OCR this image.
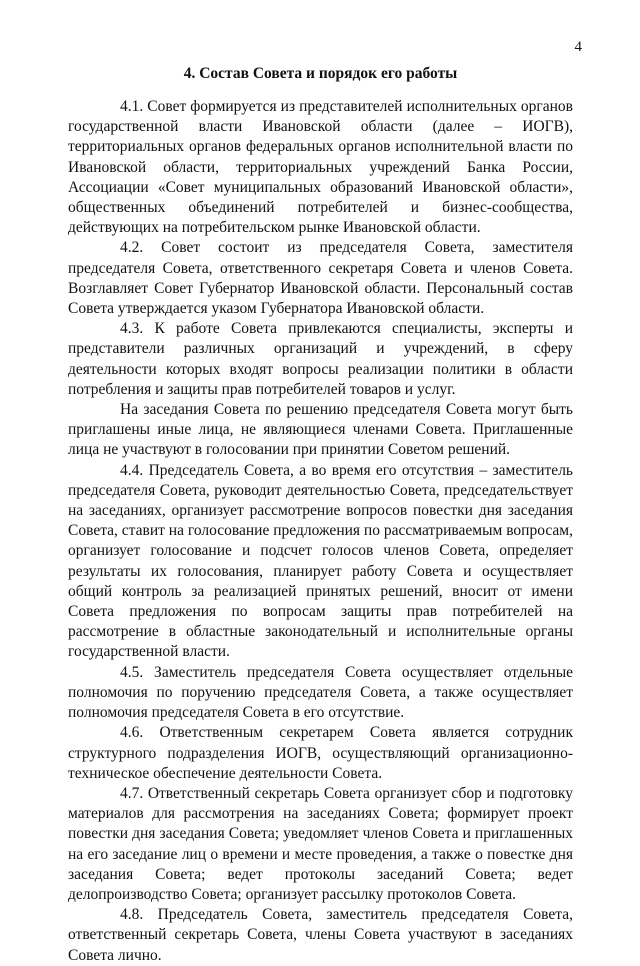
4
4. Состав Совета и порядок его работы

4.1. Совет формируется из представителей исполнительных органов государственной власти Ивановской области (далее – ИОГВ), территориальных органов федеральных органов исполнительной власти по Ивановской области, территориальных учреждений Банка России, Ассоциации «Совет муниципальных образований Ивановской области», общественных объединений потребителей и бизнес-сообщества, действующих на потребительском рынке Ивановской области.

4.2. Совет состоит из председателя Совета, заместителя председателя Совета, ответственного секретаря Совета и членов Совета. Возглавляет Совет Губернатор Ивановской области. Персональный состав Совета утверждается указом Губернатора Ивановской области.

4.3. К работе Совета привлекаются специалисты, эксперты и представители различных организаций и учреждений, в сферу деятельности которых входят вопросы реализации политики в области потребления и защиты прав потребителей товаров и услуг.

На заседания Совета по решению председателя Совета могут быть приглашены иные лица, не являющиеся членами Совета. Приглашенные лица не участвуют в голосовании при принятии Советом решений.

4.4. Председатель Совета, а во время его отсутствия – заместитель председателя Совета, руководит деятельностью Совета, председательствует на заседаниях, организует рассмотрение вопросов повестки дня заседания Совета, ставит на голосование предложения по рассматриваемым вопросам, организует голосование и подсчет голосов членов Совета, определяет результаты их голосования, планирует работу Совета и осуществляет общий контроль за реализацией принятых решений, вносит от имени Совета предложения по вопросам защиты прав потребителей на рассмотрение в областные законодательный и исполнительные органы государственной власти.

4.5. Заместитель председателя Совета осуществляет отдельные полномочия по поручению председателя Совета, а также осуществляет полномочия председателя Совета в его отсутствие.

4.6. Ответственным секретарем Совета является сотрудник структурного подразделения ИОГВ, осуществляющий организационно-техническое обеспечение деятельности Совета.

4.7. Ответственный секретарь Совета организует сбор и подготовку материалов для рассмотрения на заседаниях Совета; формирует проект повестки дня заседания Совета; уведомляет членов Совета и приглашенных на его заседание лиц о времени и месте проведения, а также о повестке дня заседания Совета; ведет протоколы заседаний Совета; ведет делопроизводство Совета; организует рассылку протоколов Совета.

4.8. Председатель Совета, заместитель председателя Совета, ответственный секретарь Совета, члены Совета участвуют в заседаниях Совета лично.
